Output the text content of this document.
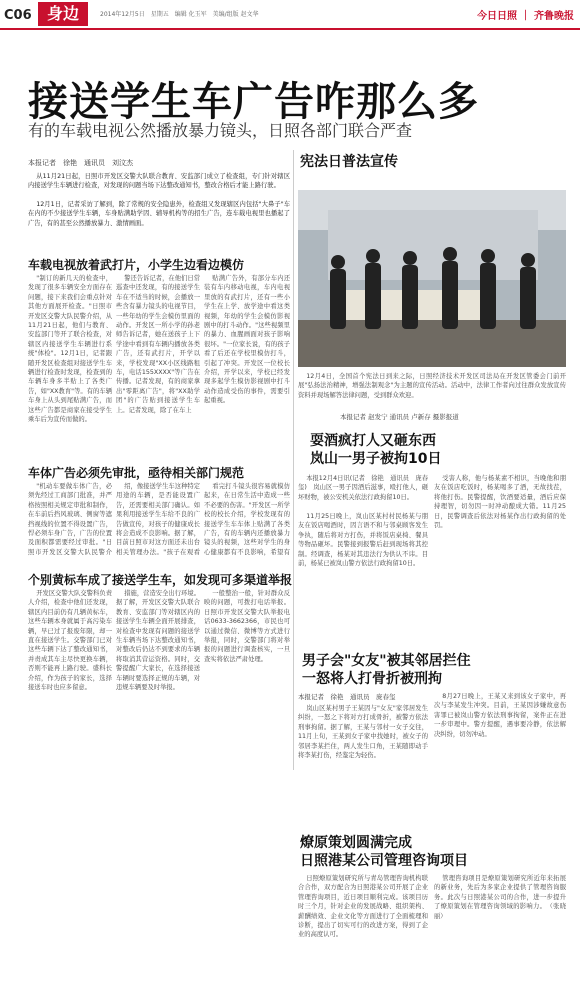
C06 身边	2014年12月5日　星期五　编辑 化玉军　美编/组版 赵文华	今日日照 ｜ 齐鲁晚报
接送学生车广告咋那么多
有的车载电视公然播放暴力镜头，日照各部门联合严查
本报记者　徐艳　通讯员　刘汶杰
从11月21日起，日照市开发区交警大队联合教育、安监部门成立了检查组，专门针对辖区内接送学生车辆进行检查，对发现的问题当场下达整改通知书，整改合格后才能上路行驶。
12月1日，记者采访了解到，除了常规的安全隐患外，检查组又发现辖区内包括"大鼻子"车在内的不少接送学生车辆，车身贴满助学因、辅导机构等的招生广告，连车载电视里也播起了广告，有的甚至公然播放暴力、激情画面。
车载电视放着武打片，小学生边看边模仿
"制订的新几天的检查中，发现了很多车辆安全方面存在问题，接下来我们会重点针对其他方面展开检查。"日照市开发区交警大队民警介绍，从11月21日起，他们与教育、安监部门等开了联合检查，对辖区内接送学生车辆进行系统"体检"。12月1日，记者跟随开发区检查组对接送学生车辆进行检查时发现，检查到的车辆车身多半贴上了各类广告，如"XX教育"等。有的车辆车身上从头到尾贴满广告，而这些广告都是商家在接受学生乘车后为宣传而做的。
警还告诉记者，在他们日常巡查中还发现，有的接送学生车在不适当的时候，会播放一些含有暴力镜头的电视节目，一些年幼的学生会模仿里面的动作。开发区一所小学的孙老师告诉记者，她在送孩子上下学途中看到有车辆内播放各类广告，还有武打片，开学以来，学校发现"XX小区线路租车，电话155XXXX"等广告在传播。记者发现，有的商家拿出"零距离广告"，将"XX助学团"的广告贴到接送学生车上。记者发现，除了在车上
贴满广告外，有部分车内还装有车内移动电视，车内电视里放的有武打片，还有一些小学生在上学、放学途中看这类视频，年幼的学生会模仿影视剧中的打斗动作。"这些视频里的暴力、血腥画面对孩子影响很坏。"一位家长说，有的孩子看了后还在学校里模仿打斗，引起了冲突。开发区一位校长介绍，开学以来，学校已经发现多起学生模仿影视剧中打斗动作造成受伤的事件，需要引起重视。
车体广告必须先审批，亟待相关部门规范
"机动车要做车体广告，必须先经过工商部门批准，并严格按照相关规定审批和制作，在车前后挡风玻璃、侧窗等遮挡视线的位置不得设置广告，悍必须车身广告，广告的位置及面积都需要经过审批。"日照市开发区交警大队民警介
绍，像接送学生车这种特定用途的车辆，是否能设置广告，还需要相关部门确认。如果利用接送学生车给不良的广告做宣传，对孩子的健康成长将会造成不良影响。据了解，目前日照市对这方面还未出台相关管理办法。"孩子在观看
看完打斗镜头很容易就模仿起来，在日常生活中造成一些不必要的伤害。"开发区一所学校的校长介绍，学校发现有的接送学生车车体上贴满了各类广告，有的车辆内还播放暴力镜头的视频，这些对学生的身心健康都有不良影响，希望有
个别黄标车成了接送学生车，如发现可多渠道举报
开发区交警大队交警科负责人介绍，检查中他们还发现，辖区内目前仍有几辆黄标车，这些车辆本身就属于高污染车辆，早已过了报废年限，却一直在接送学生。交警部门已对这些车辆下达了整改通知书，并责成其车主尽快更换车辆，否则不能再上路行驶。盛科长介绍，作为孩子的家长，选择接送车时也应多留意。
措施，营造安全出行环境。据了解，开发区交警大队联合教育、安监部门等对辖区内的接送学生车辆全面开展排查，对检查中发现有问题的接送学生车辆当场下达整改通知书，对整改后仍达不到要求的车辆将取消其营运资格。同时，交警提醒广大家长，在选择接送车辆时要选择正规的车辆，对违规车辆要及时举报。
一般整治一般，针对群众反映的问题，可拨打电话举报。日照市开发区交警大队举报电话0633-3662366，市民也可以通过微信、微博等方式进行举报，同时，交警部门将对举报的问题进行调查核实，一旦查实将依法严肃处理。
宪法日普法宣传
12月4日，全国首个宪法日到来之际，日照经济技术开发区司法局在开发区管委会门前开展"弘扬法治精神，增强法制观念"为主题的宣传活动。活动中，法律工作者向过往群众发放宣传资料并现场解答法律问题，受到群众欢迎。
本报记者 赵发宁 通讯员 卢新存 摄影报道
耍酒疯打人又砸东西
岚山一男子被拘10日
本报12月4日讯(记者　徐艳　通讯员　庞春玺)　岚山区一男子因酒后滋事，殴打他人，砸坏财物，被公安机关依法行政拘留10日。
11月25日晚上，岚山区某村村民杨某与朋友在饭店喝酒时，因言语不和与邻桌顾客发生争执，随后将对方打伤，并将饭店桌椅、餐具等物品砸坏。民警接到报警后赶到现场将其控制。经调查，杨某对其违法行为供认不讳。目前，杨某已被岚山警方依法行政拘留10日。
受害人称，他与杨某素不相识，当晚他和朋友在饭店吃饭时，杨某喝多了酒，无故找茬，将他打伤。民警提醒，饮酒要适量，酒后应保持理智，切勿因一时冲动酿成大错。11月25日，民警调查后依法对杨某作出行政拘留的处罚。
男子会"女友"被其邻居拦住
一怒将人打骨折被刑拘
本报记者　徐艳　通讯员　庞春玺
岚山区某村男子王某因与"女友"家邻居发生纠纷，一怒之下将对方打成骨折，被警方依法刑事拘留。据了解，王某与邻村一女子交往，11月上旬，王某到女子家中找她时，被女子的邻居李某拦住，两人发生口角，王某随即动手将李某打伤，经鉴定为轻伤。
8月27日晚上，王某又来到该女子家中，再次与李某发生冲突。目前，王某因涉嫌故意伤害罪已被岚山警方依法刑事拘留，案件正在进一步审理中。警方提醒，遇事要冷静，依法解决纠纷，切勿冲动。
燎原策划圆满完成
日照港某公司管理咨询项目
日照燎原策划研究所与青岛管理咨询机构联合合作，双方配合为日照港某公司开展了企业管理咨询项目，近日项目顺利完成。该项目历时三个月，针对企业的发展战略、组织架构、薪酬绩效、企业文化等方面进行了全面梳理和诊断，提出了切实可行的改进方案，得到了企业的高度认可。
管理咨询项目是燎原策划研究所近年来拓展的新业务，先后为多家企业提供了管理咨询服务。此次与日照港某公司的合作，进一步提升了燎原策划在管理咨询领域的影响力。　（张晓丽）
